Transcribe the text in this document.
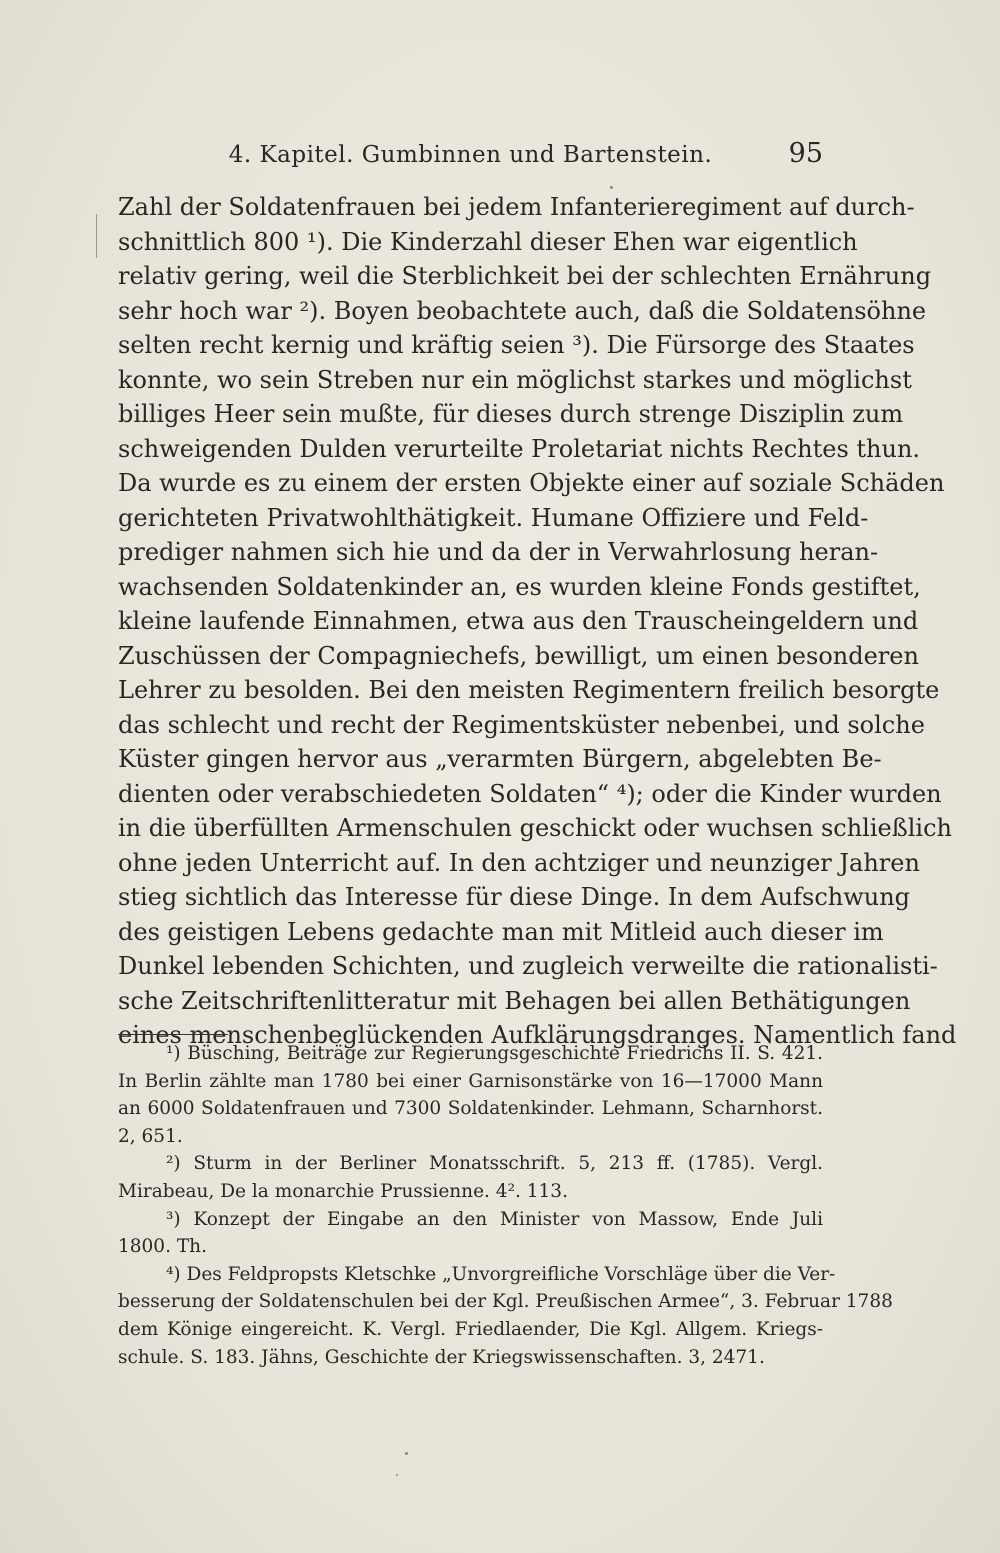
4. Kapitel. Gumbinnen und Bartenstein.	95
Zahl der Soldatenfrauen bei jedem Infanterieregiment auf durch-
schnittlich 800 ¹). Die Kinderzahl dieser Ehen war eigentlich
relativ gering, weil die Sterblichkeit bei der schlechten Ernährung
sehr hoch war ²). Boyen beobachtete auch, daß die Soldatensöhne
selten recht kernig und kräftig seien ³). Die Fürsorge des Staates
konnte, wo sein Streben nur ein möglichst starkes und möglichst
billiges Heer sein mußte, für dieses durch strenge Disziplin zum
schweigenden Dulden verurteilte Proletariat nichts Rechtes thun.
Da wurde es zu einem der ersten Objekte einer auf soziale Schäden
gerichteten Privatwohlthätigkeit. Humane Offiziere und Feld-
prediger nahmen sich hie und da der in Verwahrlosung heran-
wachsenden Soldatenkinder an, es wurden kleine Fonds gestiftet,
kleine laufende Einnahmen, etwa aus den Trauscheingeldern und
Zuschüssen der Compagniechefs, bewilligt, um einen besonderen
Lehrer zu besolden. Bei den meisten Regimentern freilich besorgte
das schlecht und recht der Regimentsküster nebenbei, und solche
Küster gingen hervor aus „verarmten Bürgern, abgelebten Be-
dienten oder verabschiedeten Soldaten“ ⁴); oder die Kinder wurden
in die überfüllten Armenschulen geschickt oder wuchsen schließlich
ohne jeden Unterricht auf. In den achtziger und neunziger Jahren
stieg sichtlich das Interesse für diese Dinge. In dem Aufschwung
des geistigen Lebens gedachte man mit Mitleid auch dieser im
Dunkel lebenden Schichten, und zugleich verweilte die rationalisti-
sche Zeitschriftenlitteratur mit Behagen bei allen Bethätigungen
eines menschenbeglückenden Aufklärungsdranges. Namentlich fand
¹) Büsching, Beiträge zur Regierungsgeschichte Friedrichs II. S. 421.
In Berlin zählte man 1780 bei einer Garnisonstärke von 16—17000 Mann
an 6000 Soldatenfrauen und 7300 Soldatenkinder. Lehmann, Scharnhorst.
2, 651.
²) Sturm in der Berliner Monatsschrift. 5, 213 ff. (1785). Vergl.
Mirabeau, De la monarchie Prussienne. 4². 113.
³) Konzept der Eingabe an den Minister von Massow, Ende Juli
1800. Th.
⁴) Des Feldpropsts Kletschke „Unvorgreifliche Vorschläge über die Ver-
besserung der Soldatenschulen bei der Kgl. Preußischen Armee“, 3. Februar 1788
dem Könige eingereicht. K. Vergl. Friedlaender, Die Kgl. Allgem. Kriegs-
schule. S. 183. Jähns, Geschichte der Kriegswissenschaften. 3, 2471.
